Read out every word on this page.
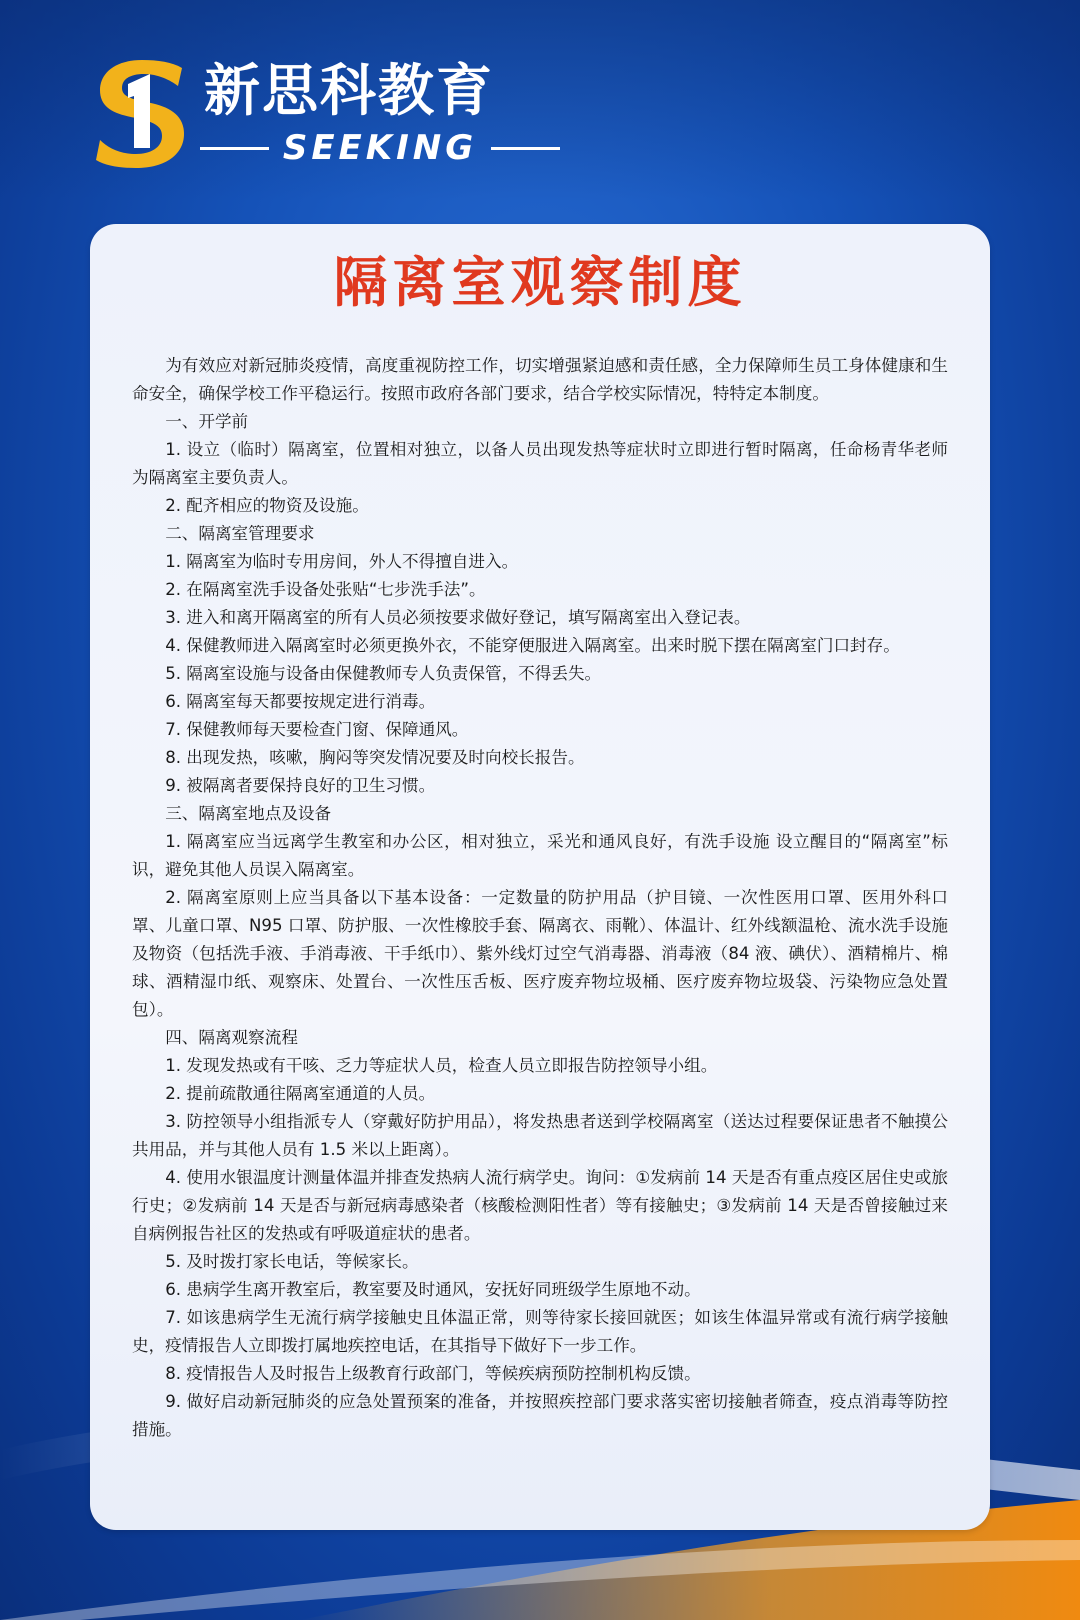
新思科教育
SEEKING
隔离室观察制度

为有效应对新冠肺炎疫情，高度重视防控工作，切实增强紧迫感和责任感，全力保障师生员工身体健康和生命安全，确保学校工作平稳运行。按照市政府各部门要求，结合学校实际情况，特特定本制度。

一、开学前

1. 设立（临时）隔离室，位置相对独立，以备人员出现发热等症状时立即进行暂时隔离，任命杨青华老师为隔离室主要负责人。

2. 配齐相应的物资及设施。

二、隔离室管理要求

1. 隔离室为临时专用房间，外人不得擅自进入。

2. 在隔离室洗手设备处张贴“七步洗手法”。

3. 进入和离开隔离室的所有人员必须按要求做好登记，填写隔离室出入登记表。

4. 保健教师进入隔离室时必须更换外衣，不能穿便服进入隔离室。出来时脱下摆在隔离室门口封存。

5. 隔离室设施与设备由保健教师专人负责保管，不得丢失。

6. 隔离室每天都要按规定进行消毒。

7. 保健教师每天要检查门窗、保障通风。

8. 出现发热，咳嗽，胸闷等突发情况要及时向校长报告。

9. 被隔离者要保持良好的卫生习惯。

三、隔离室地点及设备

1. 隔离室应当远离学生教室和办公区，相对独立，采光和通风良好，有洗手设施 设立醒目的“隔离室”标识，避免其他人员误入隔离室。

2. 隔离室原则上应当具备以下基本设备：一定数量的防护用品（护目镜、一次性医用口罩、医用外科口罩、儿童口罩、N95 口罩、防护服、一次性橡胶手套、隔离衣、雨靴）、体温计、红外线额温枪、流水洗手设施及物资（包括洗手液、手消毒液、干手纸巾）、紫外线灯过空气消毒器、消毒液（84 液、碘伏）、酒精棉片、棉球、酒精湿巾纸、观察床、处置台、一次性压舌板、医疗废弃物垃圾桶、医疗废弃物垃圾袋、污染物应急处置包）。

四、隔离观察流程

1. 发现发热或有干咳、乏力等症状人员，检查人员立即报告防控领导小组。

2. 提前疏散通往隔离室通道的人员。

3. 防控领导小组指派专人（穿戴好防护用品），将发热患者送到学校隔离室（送达过程要保证患者不触摸公共用品，并与其他人员有 1.5 米以上距离）。

4. 使用水银温度计测量体温并排查发热病人流行病学史。询问：①发病前 14 天是否有重点疫区居住史或旅行史；②发病前 14 天是否与新冠病毒感染者（核酸检测阳性者）等有接触史；③发病前 14 天是否曾接触过来自病例报告社区的发热或有呼吸道症状的患者。

5. 及时拨打家长电话，等候家长。

6. 患病学生离开教室后，教室要及时通风，安抚好同班级学生原地不动。

7. 如该患病学生无流行病学接触史且体温正常，则等待家长接回就医；如该生体温异常或有流行病学接触史，疫情报告人立即拨打属地疾控电话，在其指导下做好下一步工作。

8. 疫情报告人及时报告上级教育行政部门，等候疾病预防控制机构反馈。

9. 做好启动新冠肺炎的应急处置预案的准备，并按照疾控部门要求落实密切接触者筛查，疫点消毒等防控措施。
